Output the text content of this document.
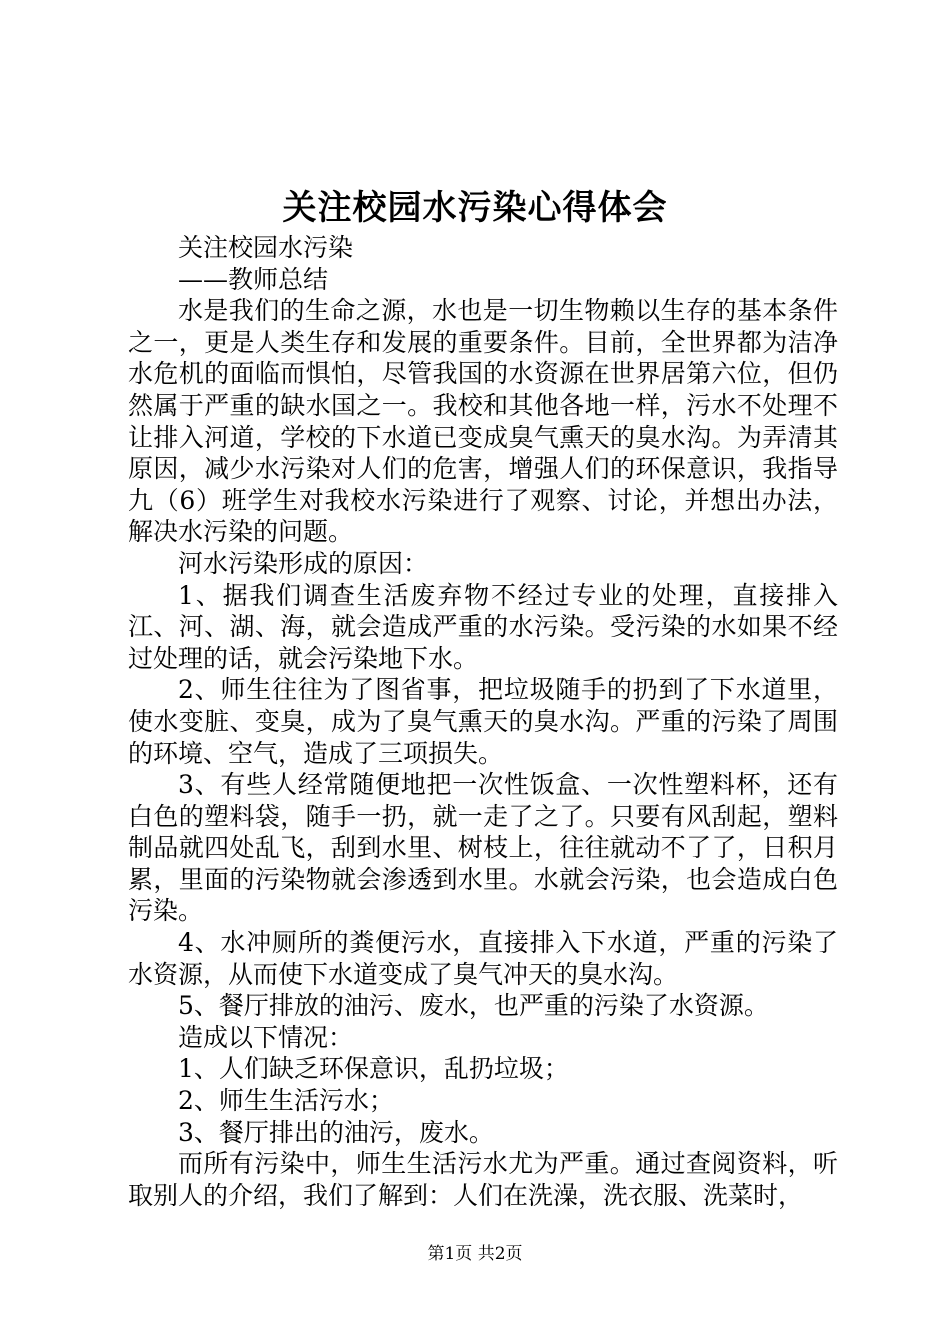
关注校园水污染心得体会

关注校园水污染

——教师总结

水是我们的生命之源，水也是一切生物赖以生存的基本条件之一，更是人类生存和发展的重要条件。目前，全世界都为洁净水危机的面临而惧怕，尽管我国的水资源在世界居第六位，但仍然属于严重的缺水国之一。我校和其他各地一样，污水不处理不让排入河道，学校的下水道已变成臭气熏天的臭水沟。为弄清其原因，减少水污染对人们的危害，增强人们的环保意识，我指导九（6）班学生对我校水污染进行了观察、讨论，并想出办法，解决水污染的问题。

河水污染形成的原因：

1、据我们调查生活废弃物不经过专业的处理，直接排入江、河、湖、海，就会造成严重的水污染。受污染的水如果不经过处理的话，就会污染地下水。

2、师生往往为了图省事，把垃圾随手的扔到了下水道里，使水变脏、变臭，成为了臭气熏天的臭水沟。严重的污染了周围的环境、空气，造成了三项损失。

3、有些人经常随便地把一次性饭盒、一次性塑料杯，还有白色的塑料袋，随手一扔，就一走了之了。只要有风刮起，塑料制品就四处乱飞，刮到水里、树枝上，往往就动不了了，日积月累，里面的污染物就会渗透到水里。水就会污染，也会造成白色污染。

4、水冲厕所的粪便污水，直接排入下水道，严重的污染了水资源，从而使下水道变成了臭气冲天的臭水沟。

5、餐厅排放的油污、废水，也严重的污染了水资源。

造成以下情况：

1、人们缺乏环保意识，乱扔垃圾；

2、师生生活污水；

3、餐厅排出的油污，废水。

而所有污染中，师生生活污水尤为严重。通过查阅资料，听取别人的介绍，我们了解到：人们在洗澡，洗衣服、洗菜时，

第1页 共2页
